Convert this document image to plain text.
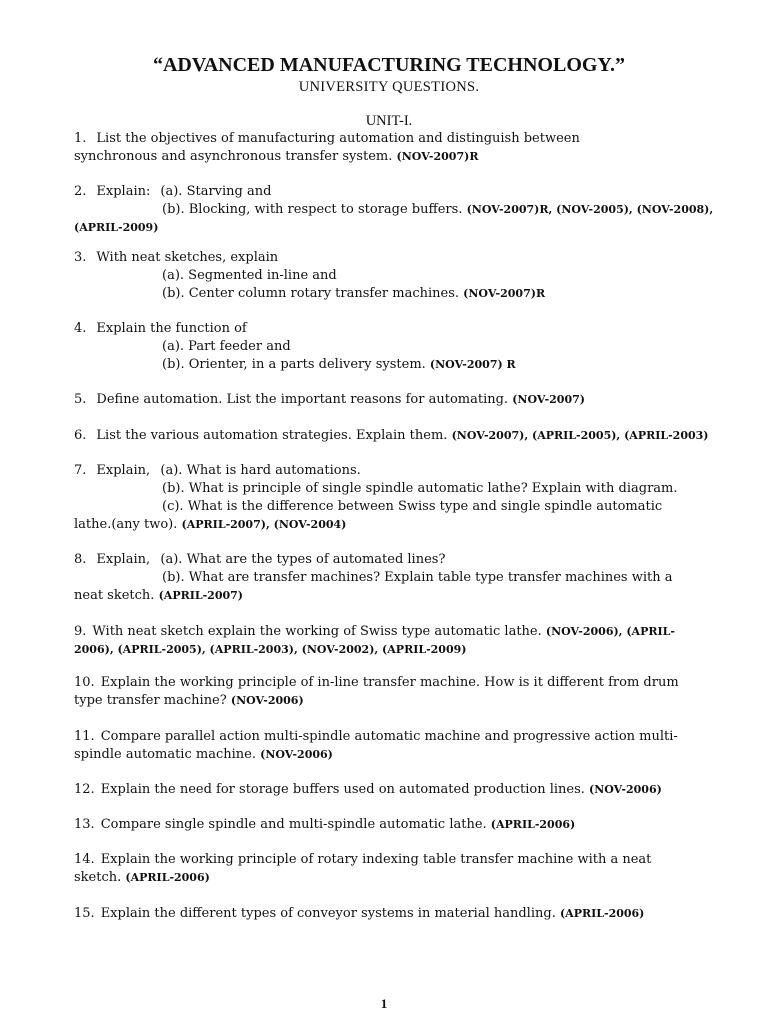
“ADVANCED MANUFACTURING TECHNOLOGY.”

UNIVERSITY QUESTIONS.

UNIT-I.

1. List the objectives of manufacturing automation and distinguish between

synchronous and asynchronous transfer system. (NOV-2007)R

2. Explain: (a). Starving and

(b). Blocking, with respect to storage buffers. (NOV-2007)R, (NOV-2005), (NOV-2008),

(APRIL-2009)

3. With neat sketches, explain

(a). Segmented in-line and

(b). Center column rotary transfer machines. (NOV-2007)R

4. Explain the function of

(a). Part feeder and

(b). Orienter, in a parts delivery system. (NOV-2007) R

5. Define automation. List the important reasons for automating. (NOV-2007)

6. List the various automation strategies. Explain them. (NOV-2007), (APRIL-2005), (APRIL-2003)

7. Explain, (a). What is hard automations.

(b). What is principle of single spindle automatic lathe? Explain with diagram.

(c). What is the difference between Swiss type and single spindle automatic

lathe.(any two). (APRIL-2007), (NOV-2004)

8. Explain, (a). What are the types of automated lines?

(b). What are transfer machines? Explain table type transfer machines with a

neat sketch. (APRIL-2007)

9. With neat sketch explain the working of Swiss type automatic lathe. (NOV-2006), (APRIL-

2006), (APRIL-2005), (APRIL-2003), (NOV-2002), (APRIL-2009)

10. Explain the working principle of in-line transfer machine. How is it different from drum

type transfer machine? (NOV-2006)

11. Compare parallel action multi-spindle automatic machine and progressive action multi-

spindle automatic machine. (NOV-2006)

12. Explain the need for storage buffers used on automated production lines. (NOV-2006)

13. Compare single spindle and multi-spindle automatic lathe. (APRIL-2006)

14. Explain the working principle of rotary indexing table transfer machine with a neat

sketch. (APRIL-2006)

15. Explain the different types of conveyor systems in material handling. (APRIL-2006)

1
